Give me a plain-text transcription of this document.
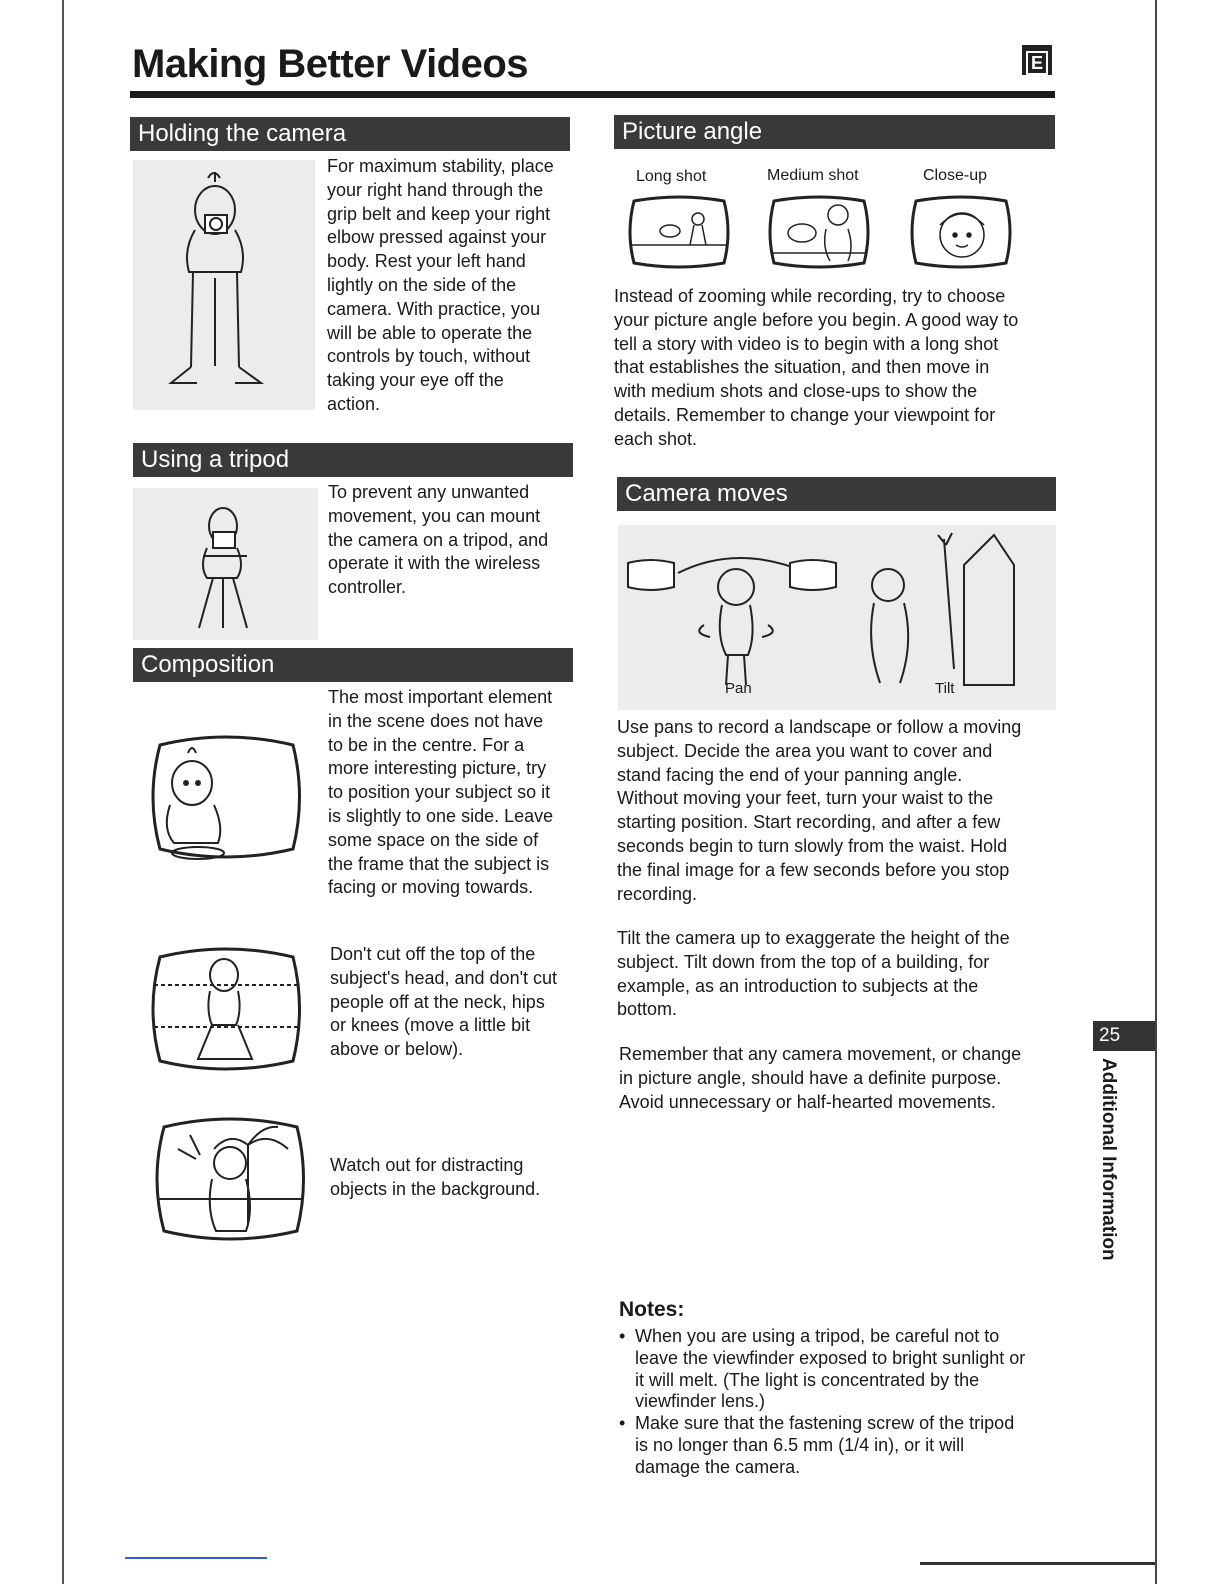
Making Better Videos	E
Holding the camera

For maximum stability, place
your right hand through the
grip belt and keep your right
elbow pressed against your
body. Rest your left hand
lightly on the side of the
camera. With practice, you
will be able to operate the
controls by touch, without
taking your eye off the
action.

Using a tripod

To prevent any unwanted
movement, you can mount
the camera on a tripod, and
operate it with the wireless
controller.

Composition

The most important element
in the scene does not have
to be in the centre. For a
more interesting picture, try
to position your subject so it
is slightly to one side. Leave
some space on the side of
the frame that the subject is
facing or moving towards.

Don't cut off the top of the
subject's head, and don't cut
people off at the neck, hips
or knees (move a little bit
above or below).

Watch out for distracting
objects in the background.

Picture angle
Long shot	Medium shot	Close-up

Instead of zooming while recording, try to choose
your picture angle before you begin. A good way to
tell a story with video is to begin with a long shot
that establishes the situation, and then move in
with medium shots and close-ups to show the
details. Remember to change your viewpoint for
each shot.

Camera moves
Pan	Tilt

Use pans to record a landscape or follow a moving
subject. Decide the area you want to cover and
stand facing the end of your panning angle.
Without moving your feet, turn your waist to the
starting position. Start recording, and after a few
seconds begin to turn slowly from the waist. Hold
the final image for a few seconds before you stop
recording.

Tilt the camera up to exaggerate the height of the
subject. Tilt down from the top of a building, for
example, as an introduction to subjects at the
bottom.

Remember that any camera movement, or change
in picture angle, should have a definite purpose.
Avoid unnecessary or half-hearted movements.

25
Additional Information
Notes:
• When you are using a tripod, be careful not to
leave the viewfinder exposed to bright sunlight or
it will melt. (The light is concentrated by the
viewfinder lens.)
• Make sure that the fastening screw of the tripod
is no longer than 6.5 mm (1/4 in), or it will
damage the camera.
